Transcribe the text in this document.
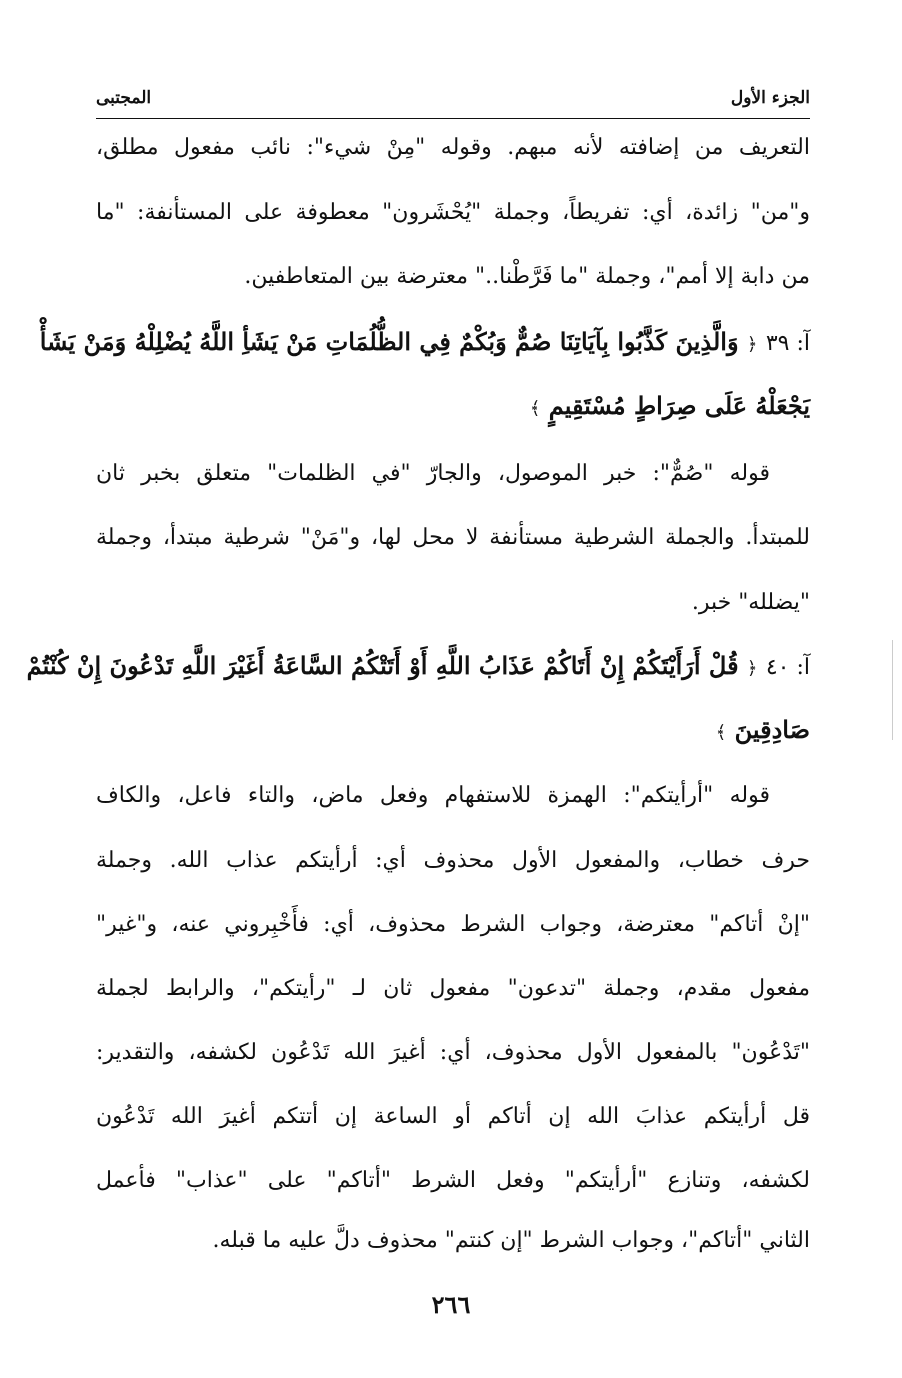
الجزء الأول
المجتبى
التعريف من إضافته لأنه مبهم. وقوله "مِنْ شيء": نائب مفعول مطلق،
و"من" زائدة، أي: تفريطاً، وجملة "يُحْشَرون" معطوفة على المستأنفة: "ما
من دابة إلا أمم"، وجملة "ما فَرَّطْنا.." معترضة بين المتعاطفين.
آ: ٣٩ ﴿ وَالَّذِينَ كَذَّبُوا بِآيَاتِنَا صُمٌّ وَبُكْمٌ فِي الظُّلُمَاتِ مَنْ يَشَأِ اللَّهُ يُضْلِلْهُ وَمَنْ يَشَأْ
يَجْعَلْهُ عَلَى صِرَاطٍ مُسْتَقِيمٍ ﴾
قوله "صُمٌّ": خبر الموصول، والجارّ "في الظلمات" متعلق بخبر ثان
للمبتدأ. والجملة الشرطية مستأنفة لا محل لها، و"مَنْ" شرطية مبتدأ، وجملة
"يضلله" خبر.
آ: ٤٠ ﴿ قُلْ أَرَأَيْتَكُمْ إِنْ أَتَاكُمْ عَذَابُ اللَّهِ أَوْ أَتَتْكُمُ السَّاعَةُ أَغَيْرَ اللَّهِ تَدْعُونَ إِنْ كُنْتُمْ
صَادِقِينَ ﴾
قوله "أرأيتكم": الهمزة للاستفهام وفعل ماض، والتاء فاعل، والكاف
حرف خطاب، والمفعول الأول محذوف أي: أرأيتكم عذاب الله. وجملة
"إنْ أتاكم" معترضة، وجواب الشرط محذوف، أي: فأَخْبِروني عنه، و"غير"
مفعول مقدم، وجملة "تدعون" مفعول ثان لـ "رأيتكم"، والرابط لجملة
"تَدْعُون" بالمفعول الأول محذوف، أي: أغيرَ الله تَدْعُون لكشفه، والتقدير:
قل أرأيتكم عذابَ الله إن أتاكم أو الساعة إن أتتكم أغيرَ الله تَدْعُون
لكشفه، وتنازع "أرأيتكم" وفعل الشرط "أتاكم" على "عذاب" فأعمل
الثاني "أتاكم"، وجواب الشرط "إن كنتم" محذوف دلَّ عليه ما قبله.
٢٦٦
